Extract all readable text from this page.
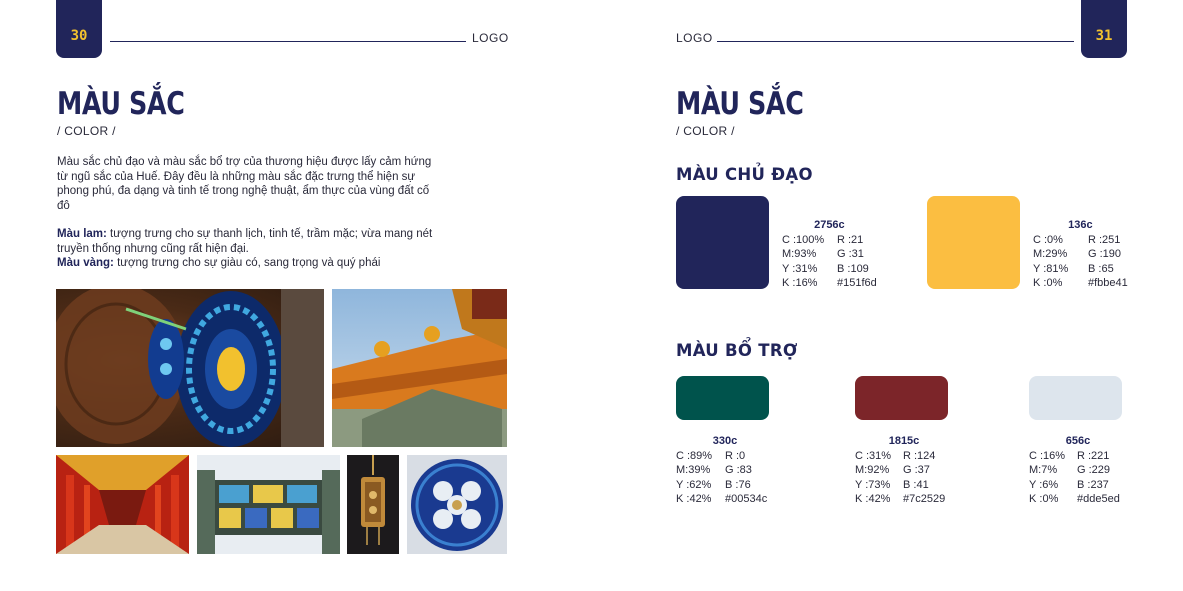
30	LOGO
MÀU SẮC
/ COLOR /
Màu sắc chủ đạo và màu sắc bổ trợ của thương hiệu được lấy cảm hứng từ ngũ sắc của Huế. Đây đều là những màu sắc đặc trưng thể hiện sự phong phú, đa dạng và tinh tế trong nghệ thuật, ẩm thực của vùng đất cố đô
Màu lam: tượng trưng cho sự thanh lịch, tinh tế, trầm mặc; vừa mang nét truyền thống nhưng cũng rất hiện đại.
Màu vàng: tượng trưng cho sự giàu có, sang trọng và quý phái
LOGO	31
MÀU SẮC
/ COLOR /
MÀU CHỦ ĐẠO
2756c
C :100%	R :21
M:93%	G :31
Y :31%	B :109
K :16%	#151f6d
136c
C :0%	R :251
M:29%	G :190
Y :81%	B :65
K :0%	#fbbe41
MÀU BỔ TRỢ
330c
C :89%	R :0
M:39%	G :83
Y :62%	B :76
K :42%	#00534c
1815c
C :31%	R :124
M:92%	G :37
Y :73%	B :41
K :42%	#7c2529
656c
C :16%	R :221
M:7%	G :229
Y :6%	B :237
K :0%	#dde5ed
